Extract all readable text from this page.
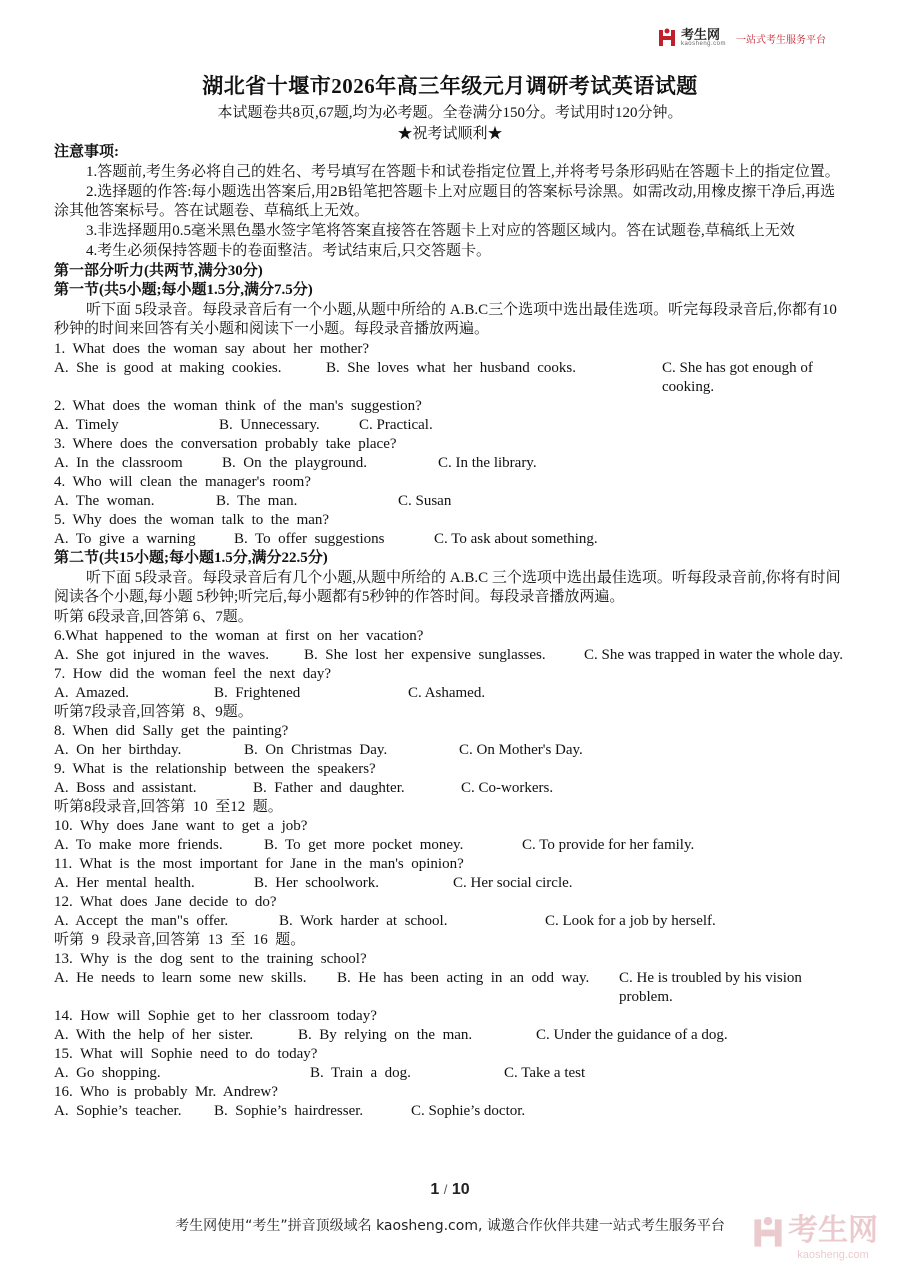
考生网
kaosheng.com 一站式考生服务平台
湖北省十堰市2026年高三年级元月调研考试英语试题
本试题卷共8页,67题,均为必考题。全卷满分150分。考试用时120分钟。
★祝考试顺利★
注意事项:
1.答题前,考生务必将自己的姓名、考号填写在答题卡和试卷指定位置上,并将考号条形码贴在答题卡上的指定位置。
2.选择题的作答:每小题选出答案后,用2B铅笔把答题卡上对应题目的答案标号涂黑。如需改动,用橡皮擦干净后,再选涂其他答案标号。答在试题卷、草稿纸上无效。
3.非选择题用0.5毫米黑色墨水签字笔将答案直接答在答题卡上对应的答题区域内。答在试题卷,草稿纸上无效
4.考生必须保持答题卡的卷面整洁。考试结束后,只交答题卡。
第一部分听力(共两节,满分30分)
第一节(共5小题;每小题1.5分,满分7.5分)
听下面 5段录音。每段录音后有一个小题,从题中所给的 A.B.C三个选项中选出最佳选项。听完每段录音后,你都有10 秒钟的时间来回答有关小题和阅读下一小题。每段录音播放两遍。
1.  What  does  the  woman  say  about  her  mother?
A.  She  is  good  at  making  cookies.	B.  She  loves  what  her  husband  cooks.	C. She has got enough of cooking.
2.  What  does  the  woman  think  of  the  man's  suggestion?
A.  Timely	B.  Unnecessary.	C. Practical.
3.  Where  does  the  conversation  probably  take  place?
A.  In  the  classroom	B.  On  the  playground.	C. In the library.
4.  Who  will  clean  the  manager's  room?
A.  The  woman.	B.  The  man.	C. Susan
5.  Why  does  the  woman  talk  to  the  man?
A.  To  give  a  warning	B.  To  offer  suggestions	C. To ask about something.
第二节(共15小题;每小题1.5分,满分22.5分)
听下面 5段录音。每段录音后有几个小题,从题中所给的 A.B.C 三个选项中选出最佳选项。听每段录音前,你将有时间阅读各个小题,每小题 5秒钟;听完后,每小题都有5秒钟的作答时间。每段录音播放两遍。
听第 6段录音,回答第 6、7题。
6.What  happened  to  the  woman  at  first  on  her  vacation?
A.  She  got  injured  in  the  waves.	B.  She  lost  her  expensive  sunglasses.	C. She was trapped in water the whole day.
7.  How  did  the  woman  feel  the  next  day?
A.  Amazed.	B.  Frightened	C. Ashamed.
听第7段录音,回答第  8、9题。
8.  When  did  Sally  get  the  painting?
A.  On  her  birthday.	B.  On  Christmas  Day.	C. On Mother's Day.
9.  What  is  the  relationship  between  the  speakers?
A.  Boss  and  assistant.	B.  Father  and  daughter.	C. Co-workers.
听第8段录音,回答第  10  至12  题。
10.  Why  does  Jane  want  to  get  a  job?
A.  To  make  more  friends.	B.  To  get  more  pocket  money.	C. To provide for her family.
11.  What  is  the  most  important  for  Jane  in  the  man's  opinion?
A.  Her  mental  health.	B.  Her  schoolwork.	C. Her social circle.
12.  What  does  Jane  decide  to  do?
A.  Accept  the  man"s  offer.	B.  Work  harder  at  school.	C. Look for a job by herself.
听第  9  段录音,回答第  13  至  16  题。
13.  Why  is  the  dog  sent  to  the  training  school?
A.  He  needs  to  learn  some  new  skills.	B.  He  has  been  acting  in  an  odd  way.	C. He is troubled by his vision problem.
14.  How  will  Sophie  get  to  her  classroom  today?
A.  With  the  help  of  her  sister.	B.  By  relying  on  the  man.	C. Under the guidance of a dog.
15.  What  will  Sophie  need  to  do  today?
A.  Go  shopping.	B.  Train  a  dog.	C. Take a test
16.  Who  is  probably  Mr.  Andrew?
A.  Sophie’s  teacher.	B.  Sophie’s  hairdresser.	C. Sophie’s doctor.
1 / 10
考生网使用“考生”拼音顶级域名 kaosheng.com, 诚邀合作伙伴共建一站式考生服务平台	考生网
kaosheng.com
